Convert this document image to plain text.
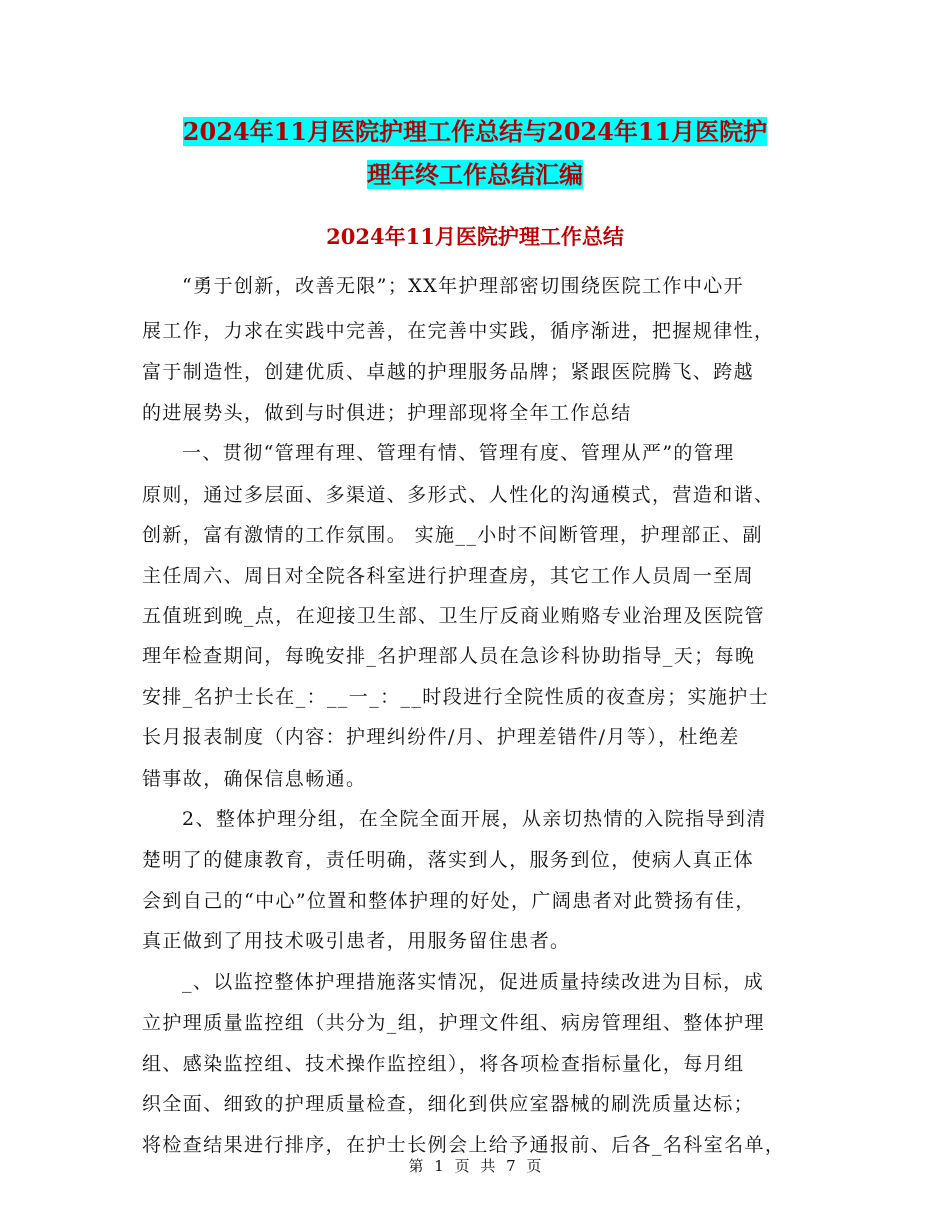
2024年11月医院护理工作总结与2024年11月医院护
理年终工作总结汇编
2024年11月医院护理工作总结
“勇于创新，改善无限”；XX年护理部密切围绕医院工作中心开
展工作，力求在实践中完善，在完善中实践，循序渐进，把握规律性，
富于制造性，创建优质、卓越的护理服务品牌；紧跟医院腾飞、跨越
的进展势头，做到与时俱进；护理部现将全年工作总结
一、贯彻“管理有理、管理有情、管理有度、管理从严”的管理
原则，通过多层面、多渠道、多形式、人性化的沟通模式，营造和谐、
创新，富有激情的工作氛围。 实施__小时不间断管理，护理部正、副
主任周六、周日对全院各科室进行护理查房，其它工作人员周一至周
五值班到晚_点，在迎接卫生部、卫生厅反商业贿赂专业治理及医院管
理年检查期间，每晚安排_名护理部人员在急诊科协助指导_天；每晚
安排_名护士长在_：__一_：__时段进行全院性质的夜查房；实施护士
长月报表制度（内容：护理纠纷件/月、护理差错件/月等），杜绝差
错事故，确保信息畅通。
2、整体护理分组，在全院全面开展，从亲切热情的入院指导到清
楚明了的健康教育，责任明确，落实到人，服务到位，使病人真正体
会到自己的“中心”位置和整体护理的好处，广阔患者对此赞扬有佳，
真正做到了用技术吸引患者，用服务留住患者。
_、以监控整体护理措施落实情况，促进质量持续改进为目标，成
立护理质量监控组（共分为_组，护理文件组、病房管理组、整体护理
组、感染监控组、技术操作监控组），将各项检查指标量化，每月组
织全面、细致的护理质量检查，细化到供应室器械的刷洗质量达标；
将检查结果进行排序，在护士长例会上给予通报前、后各_名科室名单，
第 1 页 共 7 页
